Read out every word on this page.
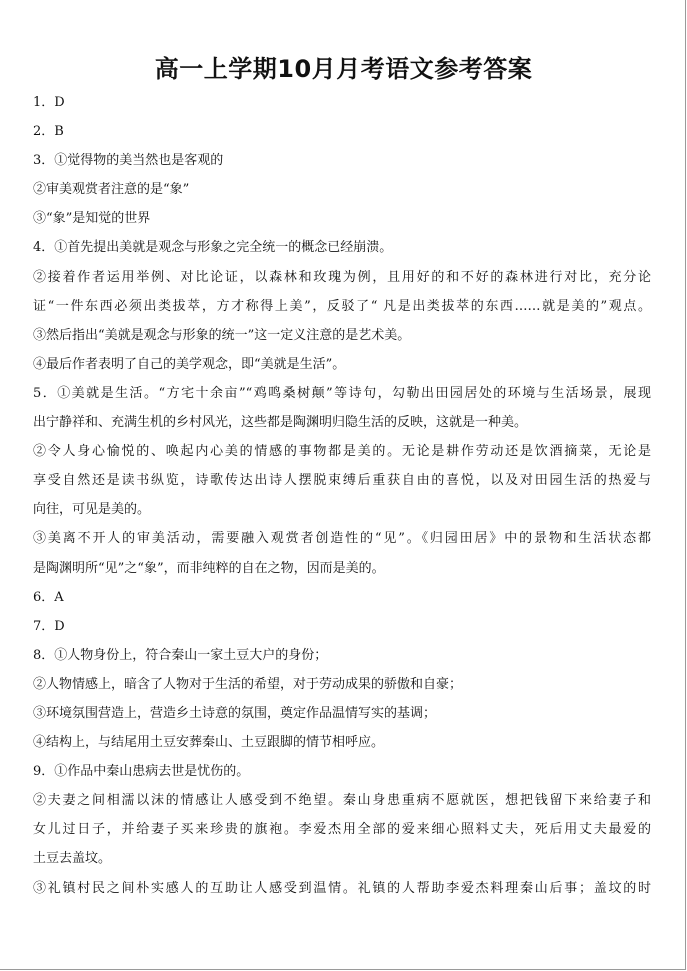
高一上学期10月月考语文参考答案
1．D
2．B
3．①觉得物的美当然也是客观的
②审美观赏者注意的是“象”
③“象”是知觉的世界
4．①首先提出美就是观念与形象之完全统一的概念已经崩溃。
②接着作者运用举例、对比论证，以森林和玫瑰为例，且用好的和不好的森林进行对比，充分论
证“一件东西必须出类拔萃，方才称得上美”，反驳了“ 凡是出类拔萃的东西……就是美的”观点。
③然后指出“美就是观念与形象的统一”这一定义注意的是艺术美。
④最后作者表明了自己的美学观念，即“美就是生活”。
5．①美就是生活。“方宅十余亩”“鸡鸣桑树颠”等诗句，勾勒出田园居处的环境与生活场景，展现
出宁静祥和、充满生机的乡村风光，这些都是陶渊明归隐生活的反映，这就是一种美。
②令人身心愉悦的、唤起内心美的情感的事物都是美的。无论是耕作劳动还是饮酒摘菜，无论是
享受自然还是读书纵览，诗歌传达出诗人摆脱束缚后重获自由的喜悦，以及对田园生活的热爱与
向往，可见是美的。
③美离不开人的审美活动，需要融入观赏者创造性的“见”。《归园田居》中的景物和生活状态都
是陶渊明所“见”之“象”，而非纯粹的自在之物，因而是美的。
6．A
7．D
8．①人物身份上，符合秦山一家土豆大户的身份；
②人物情感上，暗含了人物对于生活的希望，对于劳动成果的骄傲和自豪；
③环境氛围营造上，营造乡土诗意的氛围，奠定作品温情写实的基调；
④结构上，与结尾用土豆安葬秦山、土豆跟脚的情节相呼应。
9．①作品中秦山患病去世是忧伤的。
②夫妻之间相濡以沫的情感让人感受到不绝望。秦山身患重病不愿就医，想把钱留下来给妻子和
女儿过日子，并给妻子买来珍贵的旗袍。李爱杰用全部的爱来细心照料丈夫，死后用丈夫最爱的
土豆去盖坟。
③礼镇村民之间朴实感人的互助让人感受到温情。礼镇的人帮助李爱杰料理秦山后事；盖坟的时
